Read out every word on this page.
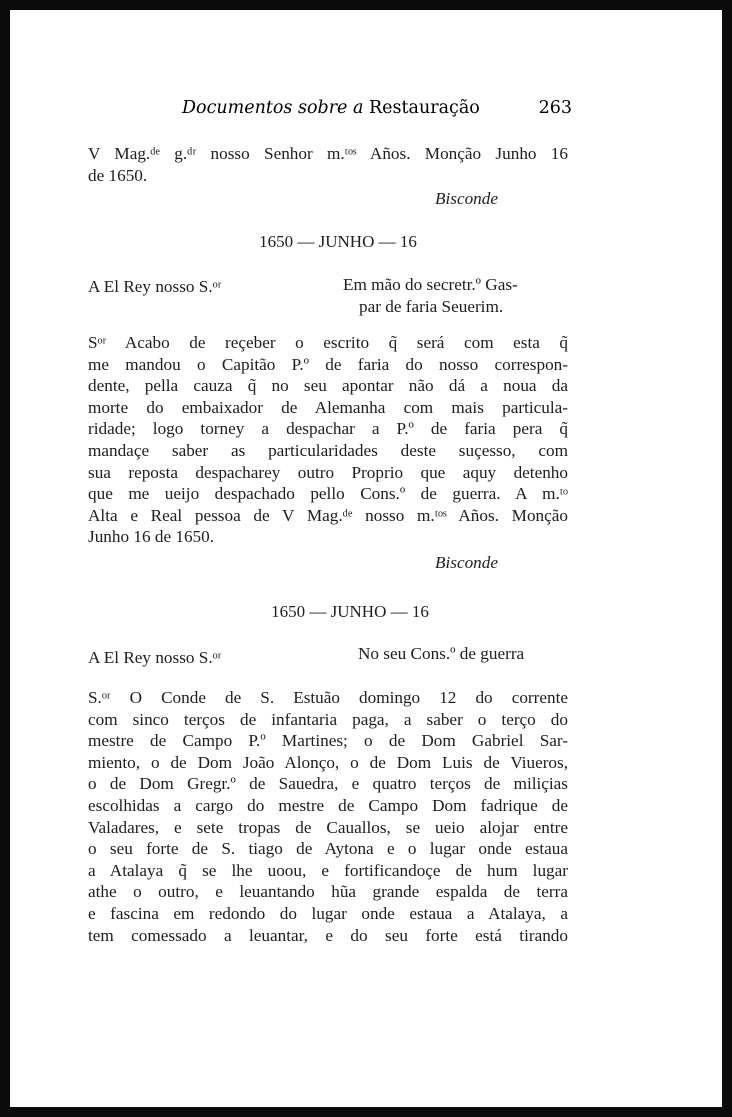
Documentos sobre a Restauração	263
V Mag.ᵈᵉ g.ᵈʳ nosso Senhor m.ᵗᵒˢ Años. Monção Junho 16
de 1650.
Bisconde
1650 — JUNHO — 16
A El Rey nosso S.ᵒʳ	Em mão do secretr.º Gas-
par de faria Seuerim.
Sᵒʳ Acabo de reçeber o escrito q̃ será com esta q̃
me mandou o Capitão P.º de faria do nosso correspon-
dente, pella cauza q̃ no seu apontar não dá a noua da
morte do embaixador de Alemanha com mais particula-
ridade; logo torney a despachar a P.º de faria pera q̃
mandaçe saber as particularidades deste suçesso, com
sua reposta despacharey outro Proprio que aquy detenho
que me ueijo despachado pello Cons.º de guerra. A m.ᵗᵒ
Alta e Real pessoa de V Mag.ᵈᵉ nosso m.ᵗᵒˢ Años. Monção
Junho 16 de 1650.
Bisconde
1650 — JUNHO — 16
A El Rey nosso S.ᵒʳ	No seu Cons.º de guerra
S.ᵒʳ O Conde de S. Estuão domingo 12 do corrente
com sinco terços de infantaria paga, a saber o terço do
mestre de Campo P.º Martines; o de Dom Gabriel Sar-
miento, o de Dom João Alonço, o de Dom Luis de Viueros,
o de Dom Gregr.º de Sauedra, e quatro terços de miliçias
escolhidas a cargo do mestre de Campo Dom fadrique de
Valadares, e sete tropas de Cauallos, se ueio alojar entre
o seu forte de S. tiago de Aytona e o lugar onde estaua
a Atalaya q̃ se lhe uoou, e fortificandoçe de hum lugar
athe o outro, e leuantando hũa grande espalda de terra
e fascina em redondo do lugar onde estaua a Atalaya, a
tem comessado a leuantar, e do seu forte está tirando
